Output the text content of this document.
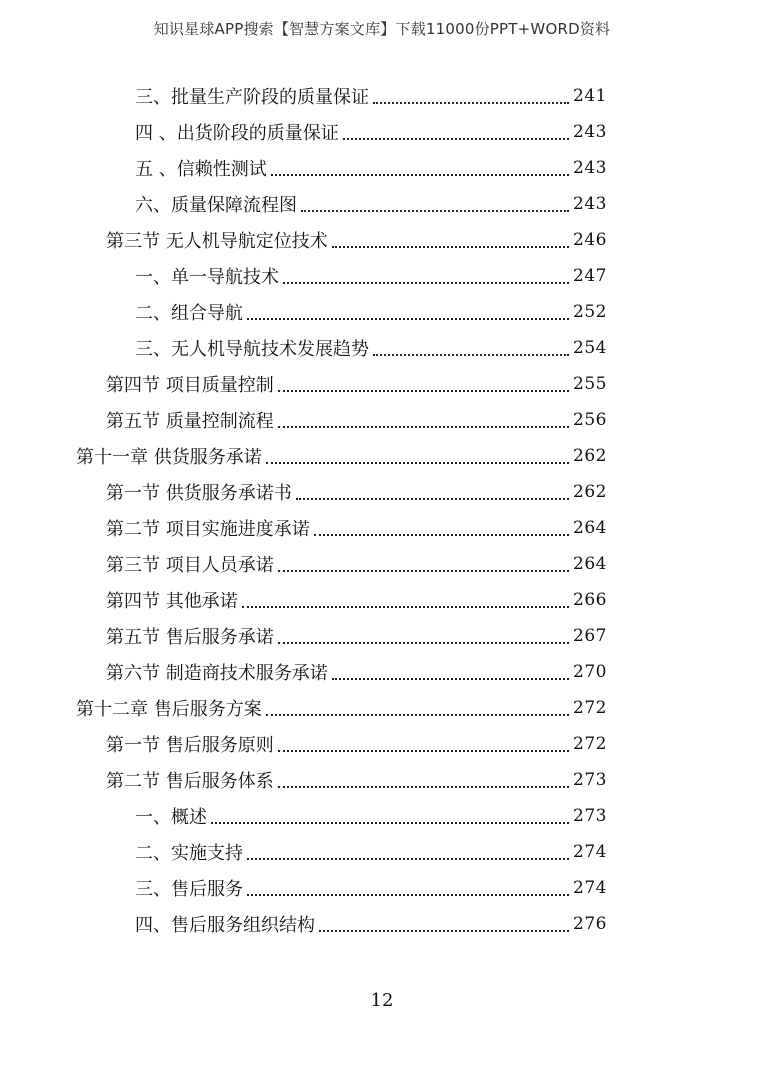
知识星球APP搜索【智慧方案文库】下载11000份PPT+WORD资料
三、批量生产阶段的质量保证	241
四 、出货阶段的质量保证	243
五 、信赖性测试	243
六、质量保障流程图	243
第三节 无人机导航定位技术	246
一、单一导航技术	247
二、组合导航	252
三、无人机导航技术发展趋势	254
第四节 项目质量控制	255
第五节 质量控制流程	256
第十一章 供货服务承诺	262
第一节 供货服务承诺书	262
第二节 项目实施进度承诺	264
第三节 项目人员承诺	264
第四节 其他承诺	266
第五节 售后服务承诺	267
第六节 制造商技术服务承诺	270
第十二章 售后服务方案	272
第一节 售后服务原则	272
第二节 售后服务体系	273
一、概述	273
二、实施支持	274
三、售后服务	274
四、售后服务组织结构	276
12
